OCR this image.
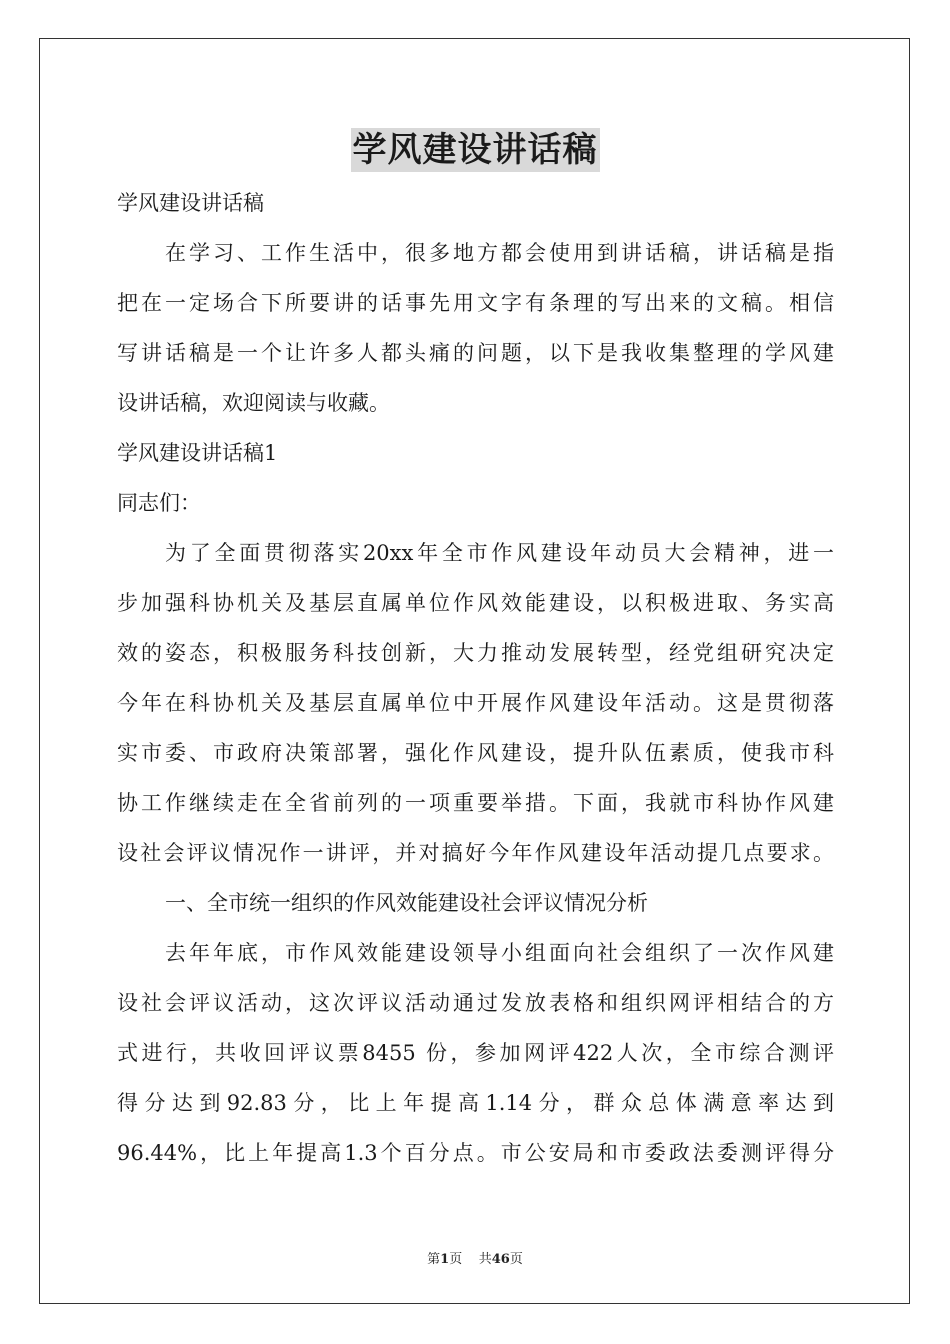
学风建设讲话稿
学风建设讲话稿
在学习、工作生活中，很多地方都会使用到讲话稿，讲话稿是指
把在一定场合下所要讲的话事先用文字有条理的写出来的文稿。相信
写讲话稿是一个让许多人都头痛的问题，以下是我收集整理的学风建
设讲话稿，欢迎阅读与收藏。
学风建设讲话稿1
同志们：
为了全面贯彻落实20xx年全市作风建设年动员大会精神，进一
步加强科协机关及基层直属单位作风效能建设，以积极进取、务实高
效的姿态，积极服务科技创新，大力推动发展转型，经党组研究决定
今年在科协机关及基层直属单位中开展作风建设年活动。这是贯彻落
实市委、市政府决策部署，强化作风建设，提升队伍素质，使我市科
协工作继续走在全省前列的一项重要举措。下面，我就市科协作风建
设社会评议情况作一讲评，并对搞好今年作风建设年活动提几点要求。
一、全市统一组织的作风效能建设社会评议情况分析
去年年底，市作风效能建设领导小组面向社会组织了一次作风建
设社会评议活动，这次评议活动通过发放表格和组织网评相结合的方
式进行，共收回评议票8455 份，参加网评422人次，全市综合测评
得分达到92.83分，比上年提高1.14分，群众总体满意率达到
96.44%，比上年提高1.3个百分点。市公安局和市委政法委测评得分
第1页 共46页
